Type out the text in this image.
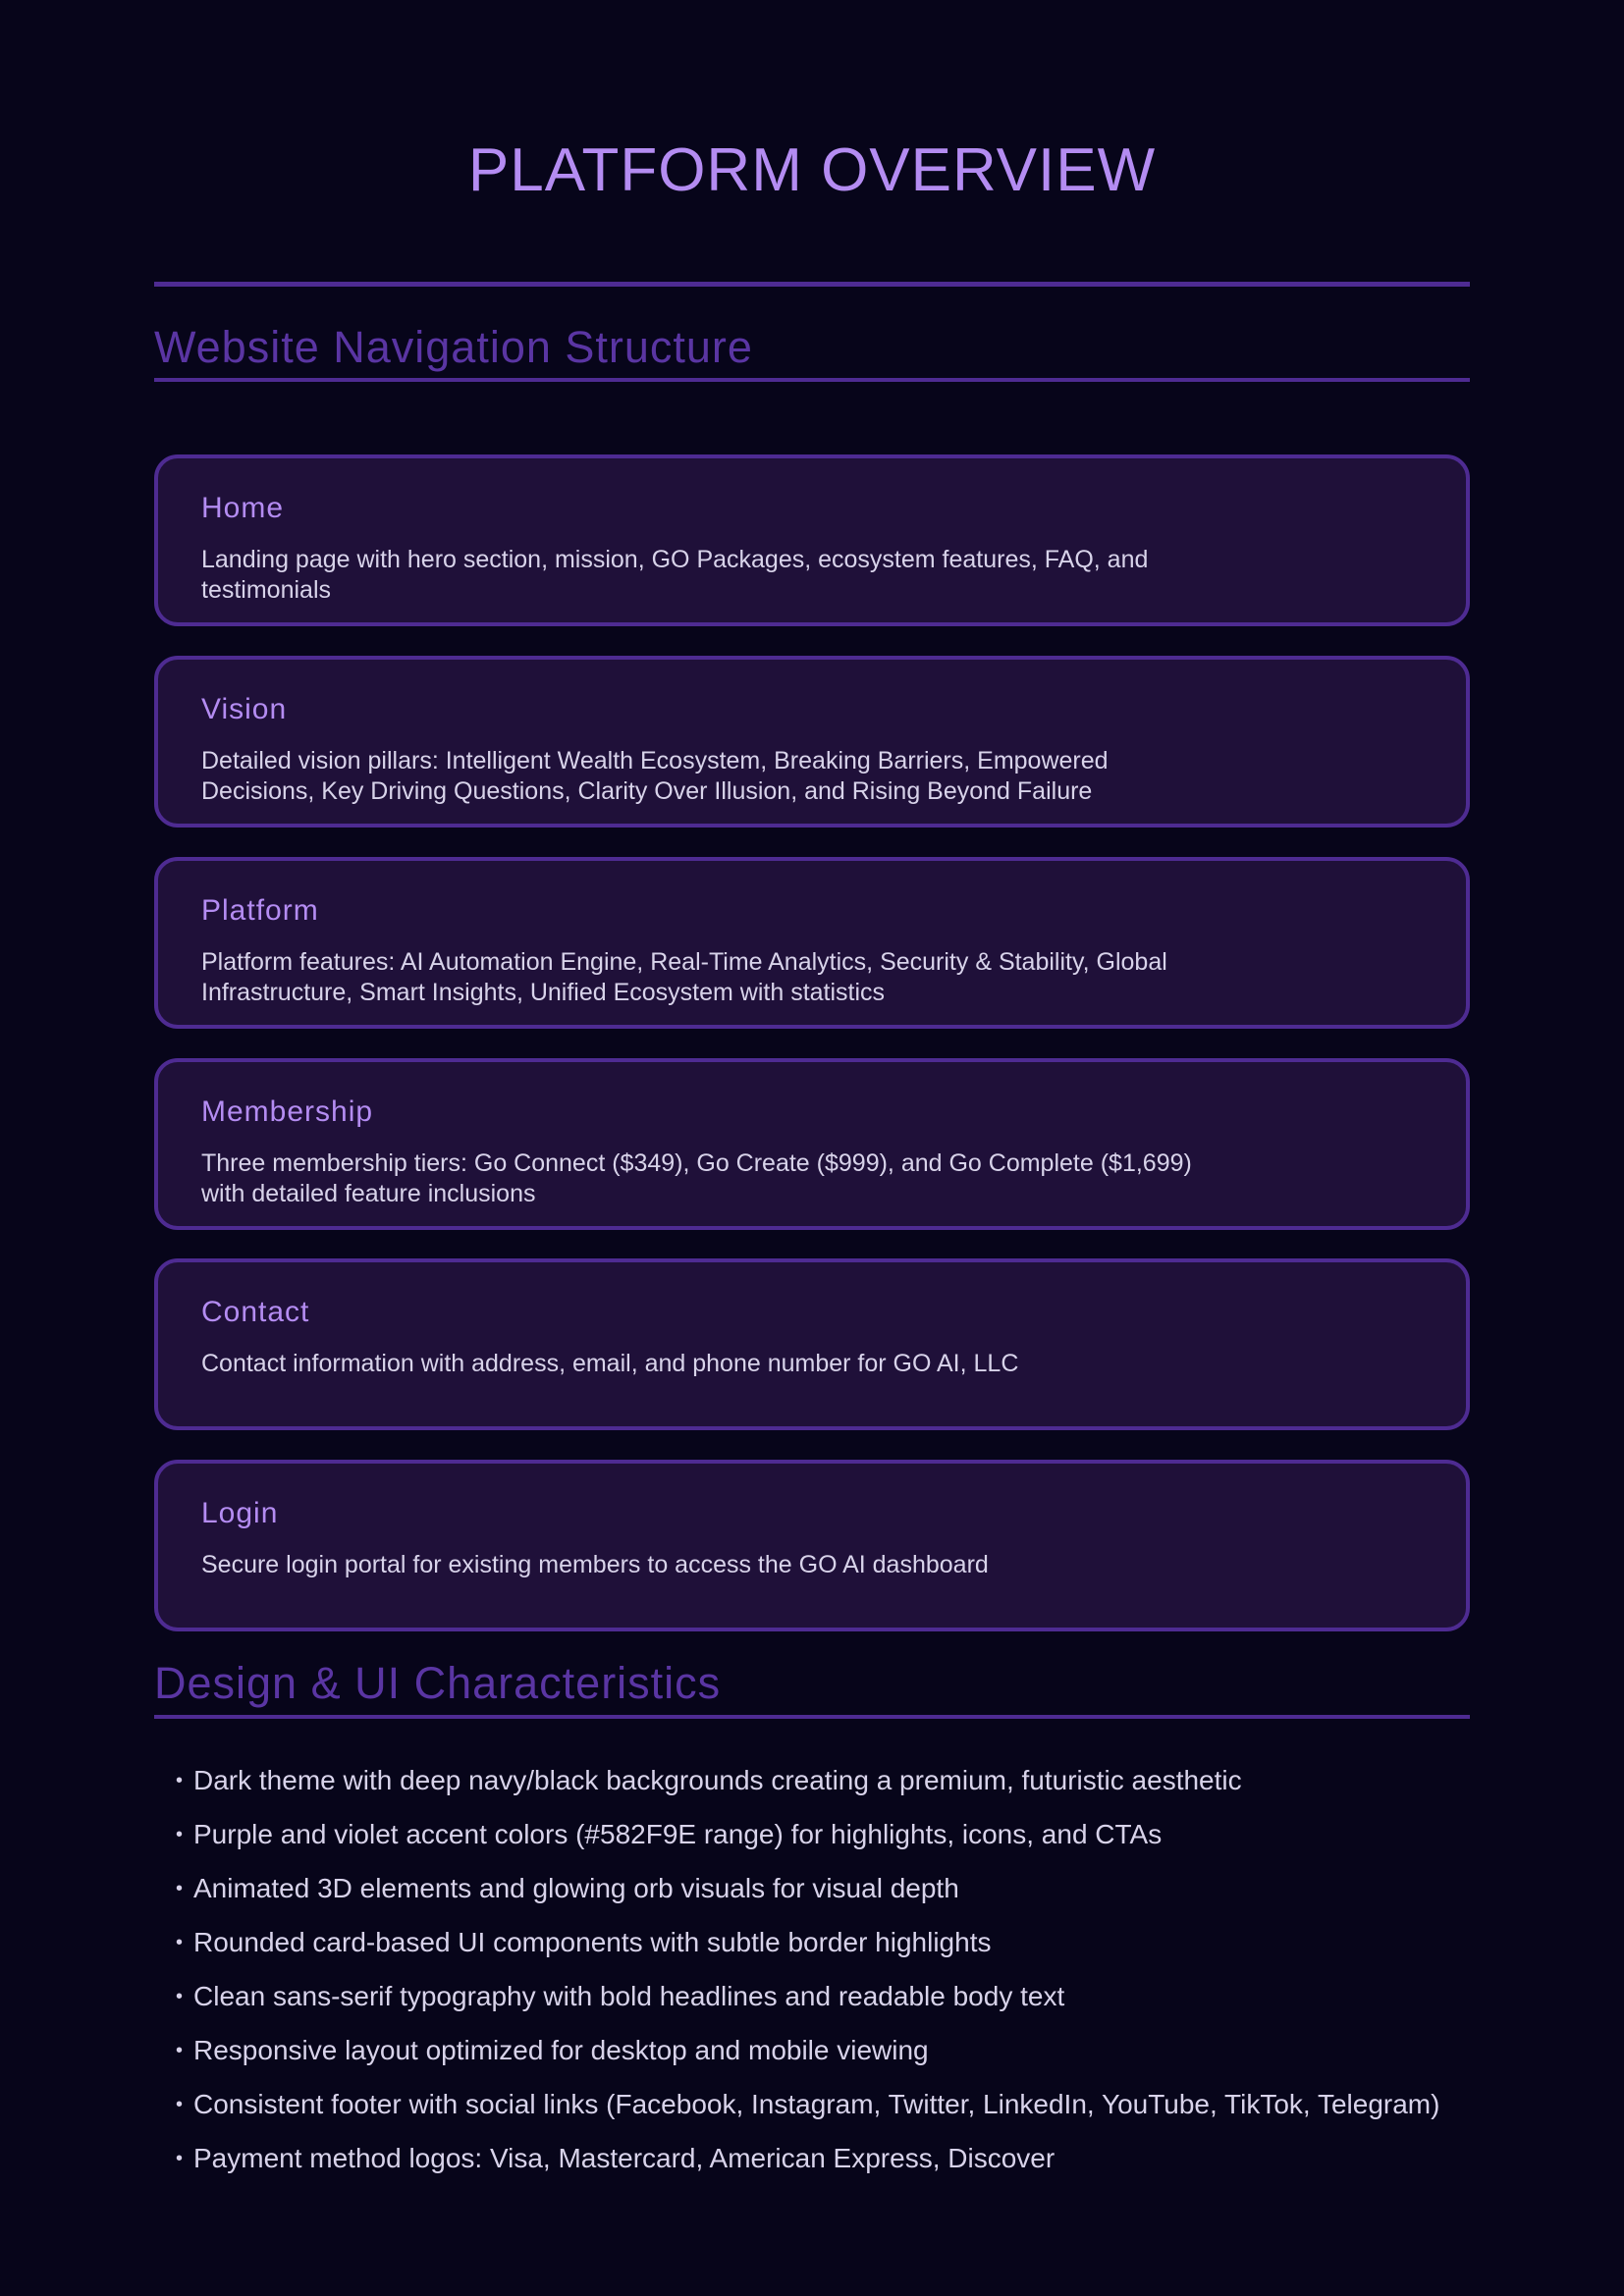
PLATFORM OVERVIEW
Website Navigation Structure
Home

Landing page with hero section, mission, GO Packages, ecosystem features, FAQ, and testimonials

Vision

Detailed vision pillars: Intelligent Wealth Ecosystem, Breaking Barriers, Empowered Decisions, Key Driving Questions, Clarity Over Illusion, and Rising Beyond Failure

Platform

Platform features: AI Automation Engine, Real-Time Analytics, Security & Stability, Global Infrastructure, Smart Insights, Unified Ecosystem with statistics

Membership

Three membership tiers: Go Connect ($349), Go Create ($999), and Go Complete ($1,699) with detailed feature inclusions

Contact

Contact information with address, email, and phone number for GO AI, LLC

Login

Secure login portal for existing members to access the GO AI dashboard

Design & UI Characteristics
• Dark theme with deep navy/black backgrounds creating a premium, futuristic aesthetic
• Purple and violet accent colors (#582F9E range) for highlights, icons, and CTAs
• Animated 3D elements and glowing orb visuals for visual depth
• Rounded card-based UI components with subtle border highlights
• Clean sans-serif typography with bold headlines and readable body text
• Responsive layout optimized for desktop and mobile viewing
• Consistent footer with social links (Facebook, Instagram, Twitter, LinkedIn, YouTube, TikTok, Telegram)
• Payment method logos: Visa, Mastercard, American Express, Discover
